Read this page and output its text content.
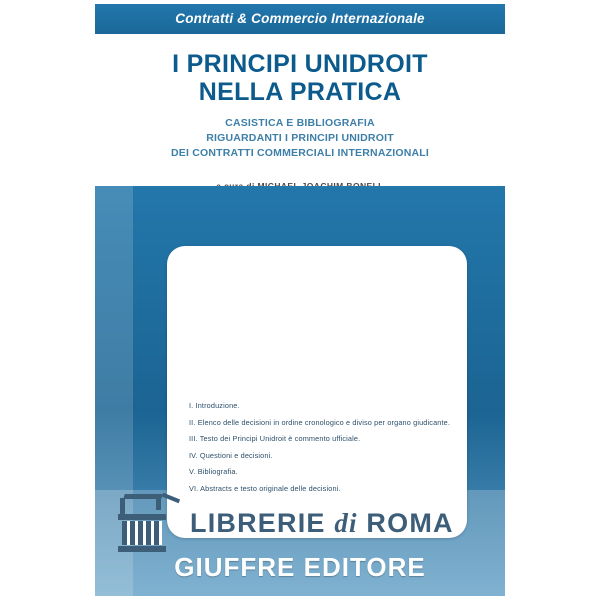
Contratti & Commercio Internazionale
I PRINCIPI UNIDROIT
NELLA PRATICA

CASISTICA E BIBLIOGRAFIA
RIGUARDANTI I PRINCIPI UNIDROIT
DEI CONTRATTI COMMERCIALI INTERNAZIONALI

I. Introduzione.
II. Elenco delle decisioni in ordine cronologico e diviso per organo giudicante.
III. Testo dei Principi Unidroit è commento ufficiale.
IV. Questioni e decisioni.
V. Bibliografia.
VI. Abstracts e testo originale delle decisioni.
LIBRERIE di ROMA
GIUFFRE EDITORE
